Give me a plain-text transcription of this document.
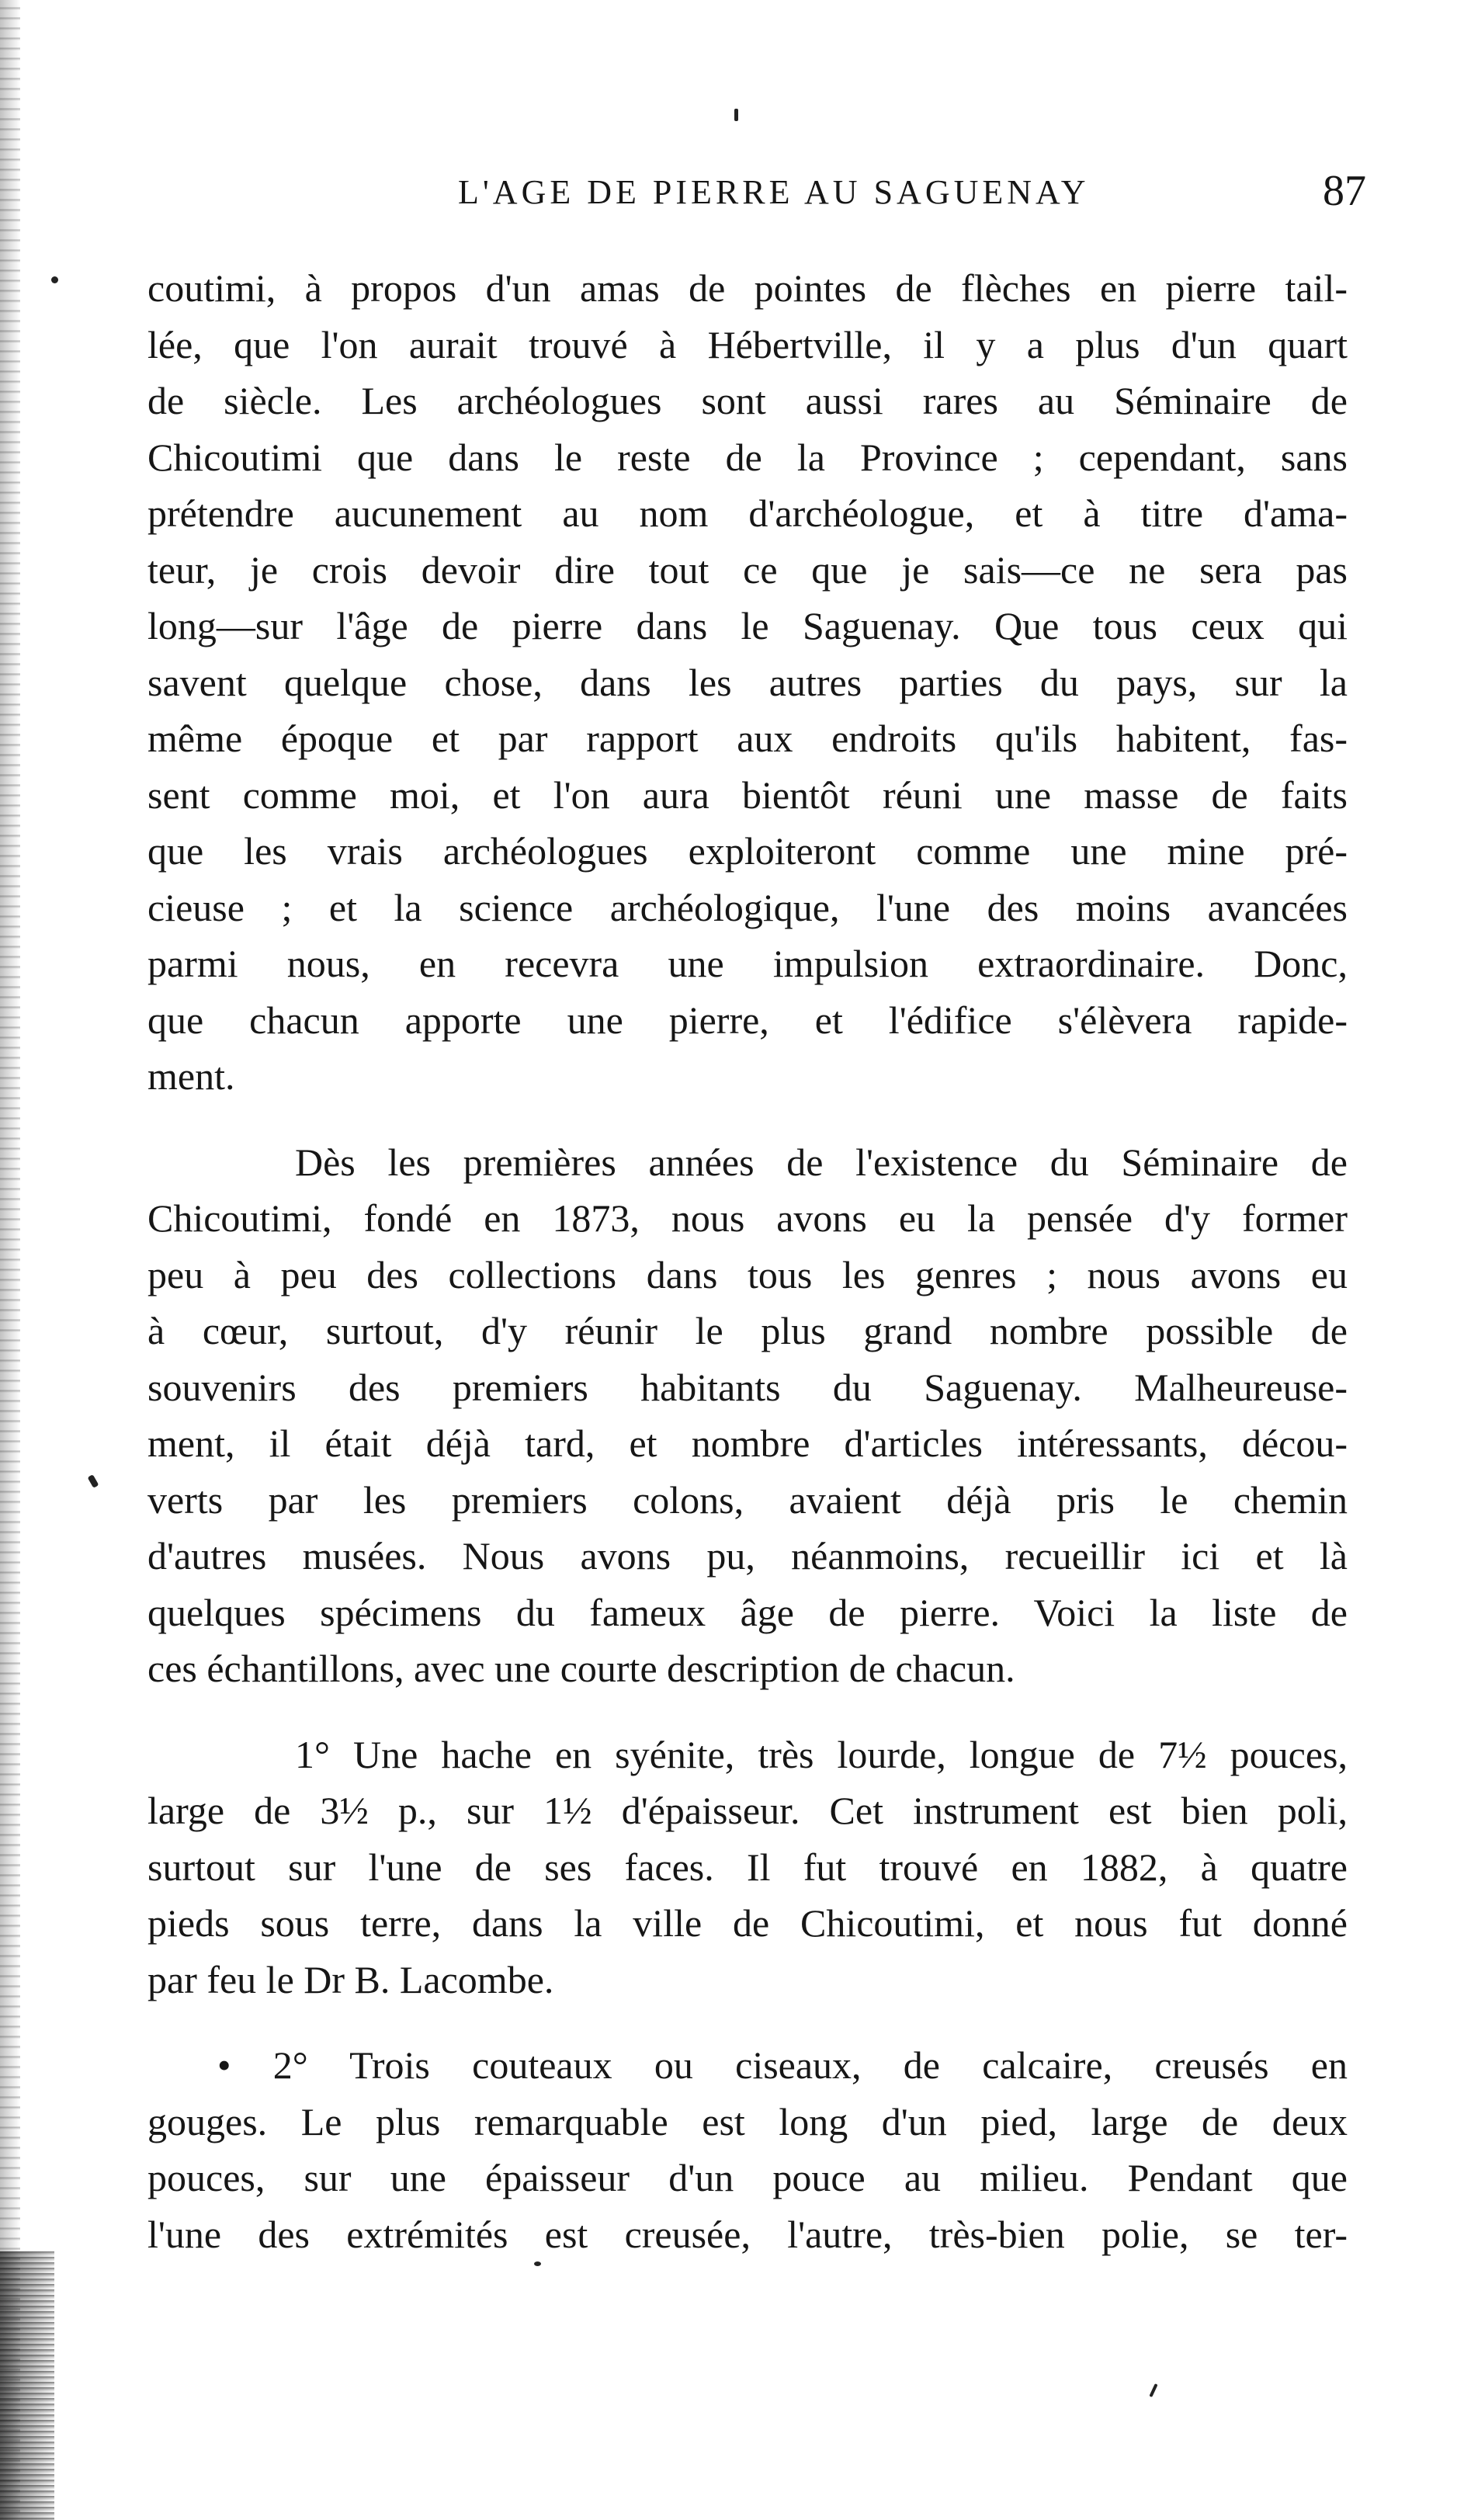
L'AGE DE PIERRE AU SAGUENAY	87
coutimi, à propos d'un amas de pointes de flèches en pierre tail-
lée, que l'on aurait trouvé à Hébertville, il y a plus d'un quart
de siècle. Les archéologues sont aussi rares au Séminaire de
Chicoutimi que dans le reste de la Province ; cependant, sans
prétendre aucunement au nom d'archéologue, et à titre d'ama-
teur, je crois devoir dire tout ce que je sais—ce ne sera pas
long—sur l'âge de pierre dans le Saguenay. Que tous ceux qui
savent quelque chose, dans les autres parties du pays, sur la
même époque et par rapport aux endroits qu'ils habitent, fas-
sent comme moi, et l'on aura bientôt réuni une masse de faits
que les vrais archéologues exploiteront comme une mine pré-
cieuse ; et la science archéologique, l'une des moins avancées
parmi nous, en recevra une impulsion extraordinaire. Donc,
que chacun apporte une pierre, et l'édifice s'élèvera rapide-
ment.
Dès les premières années de l'existence du Séminaire de
Chicoutimi, fondé en 1873, nous avons eu la pensée d'y former
peu à peu des collections dans tous les genres ; nous avons eu
à cœur, surtout, d'y réunir le plus grand nombre possible de
souvenirs des premiers habitants du Saguenay. Malheureuse-
ment, il était déjà tard, et nombre d'articles intéressants, décou-
verts par les premiers colons, avaient déjà pris le chemin
d'autres musées. Nous avons pu, néanmoins, recueillir ici et là
quelques spécimens du fameux âge de pierre. Voici la liste de
ces échantillons, avec une courte description de chacun.
1° Une hache en syénite, très lourde, longue de 7½ pouces,
large de 3½ p., sur 1½ d'épaisseur. Cet instrument est bien poli,
surtout sur l'une de ses faces. Il fut trouvé en 1882, à quatre
pieds sous terre, dans la ville de Chicoutimi, et nous fut donné
par feu le Dr B. Lacombe.
• 2° Trois couteaux ou ciseaux, de calcaire, creusés en
gouges. Le plus remarquable est long d'un pied, large de deux
pouces, sur une épaisseur d'un pouce au milieu. Pendant que
l'une des extrémités est creusée, l'autre, très-bien polie, se ter-
